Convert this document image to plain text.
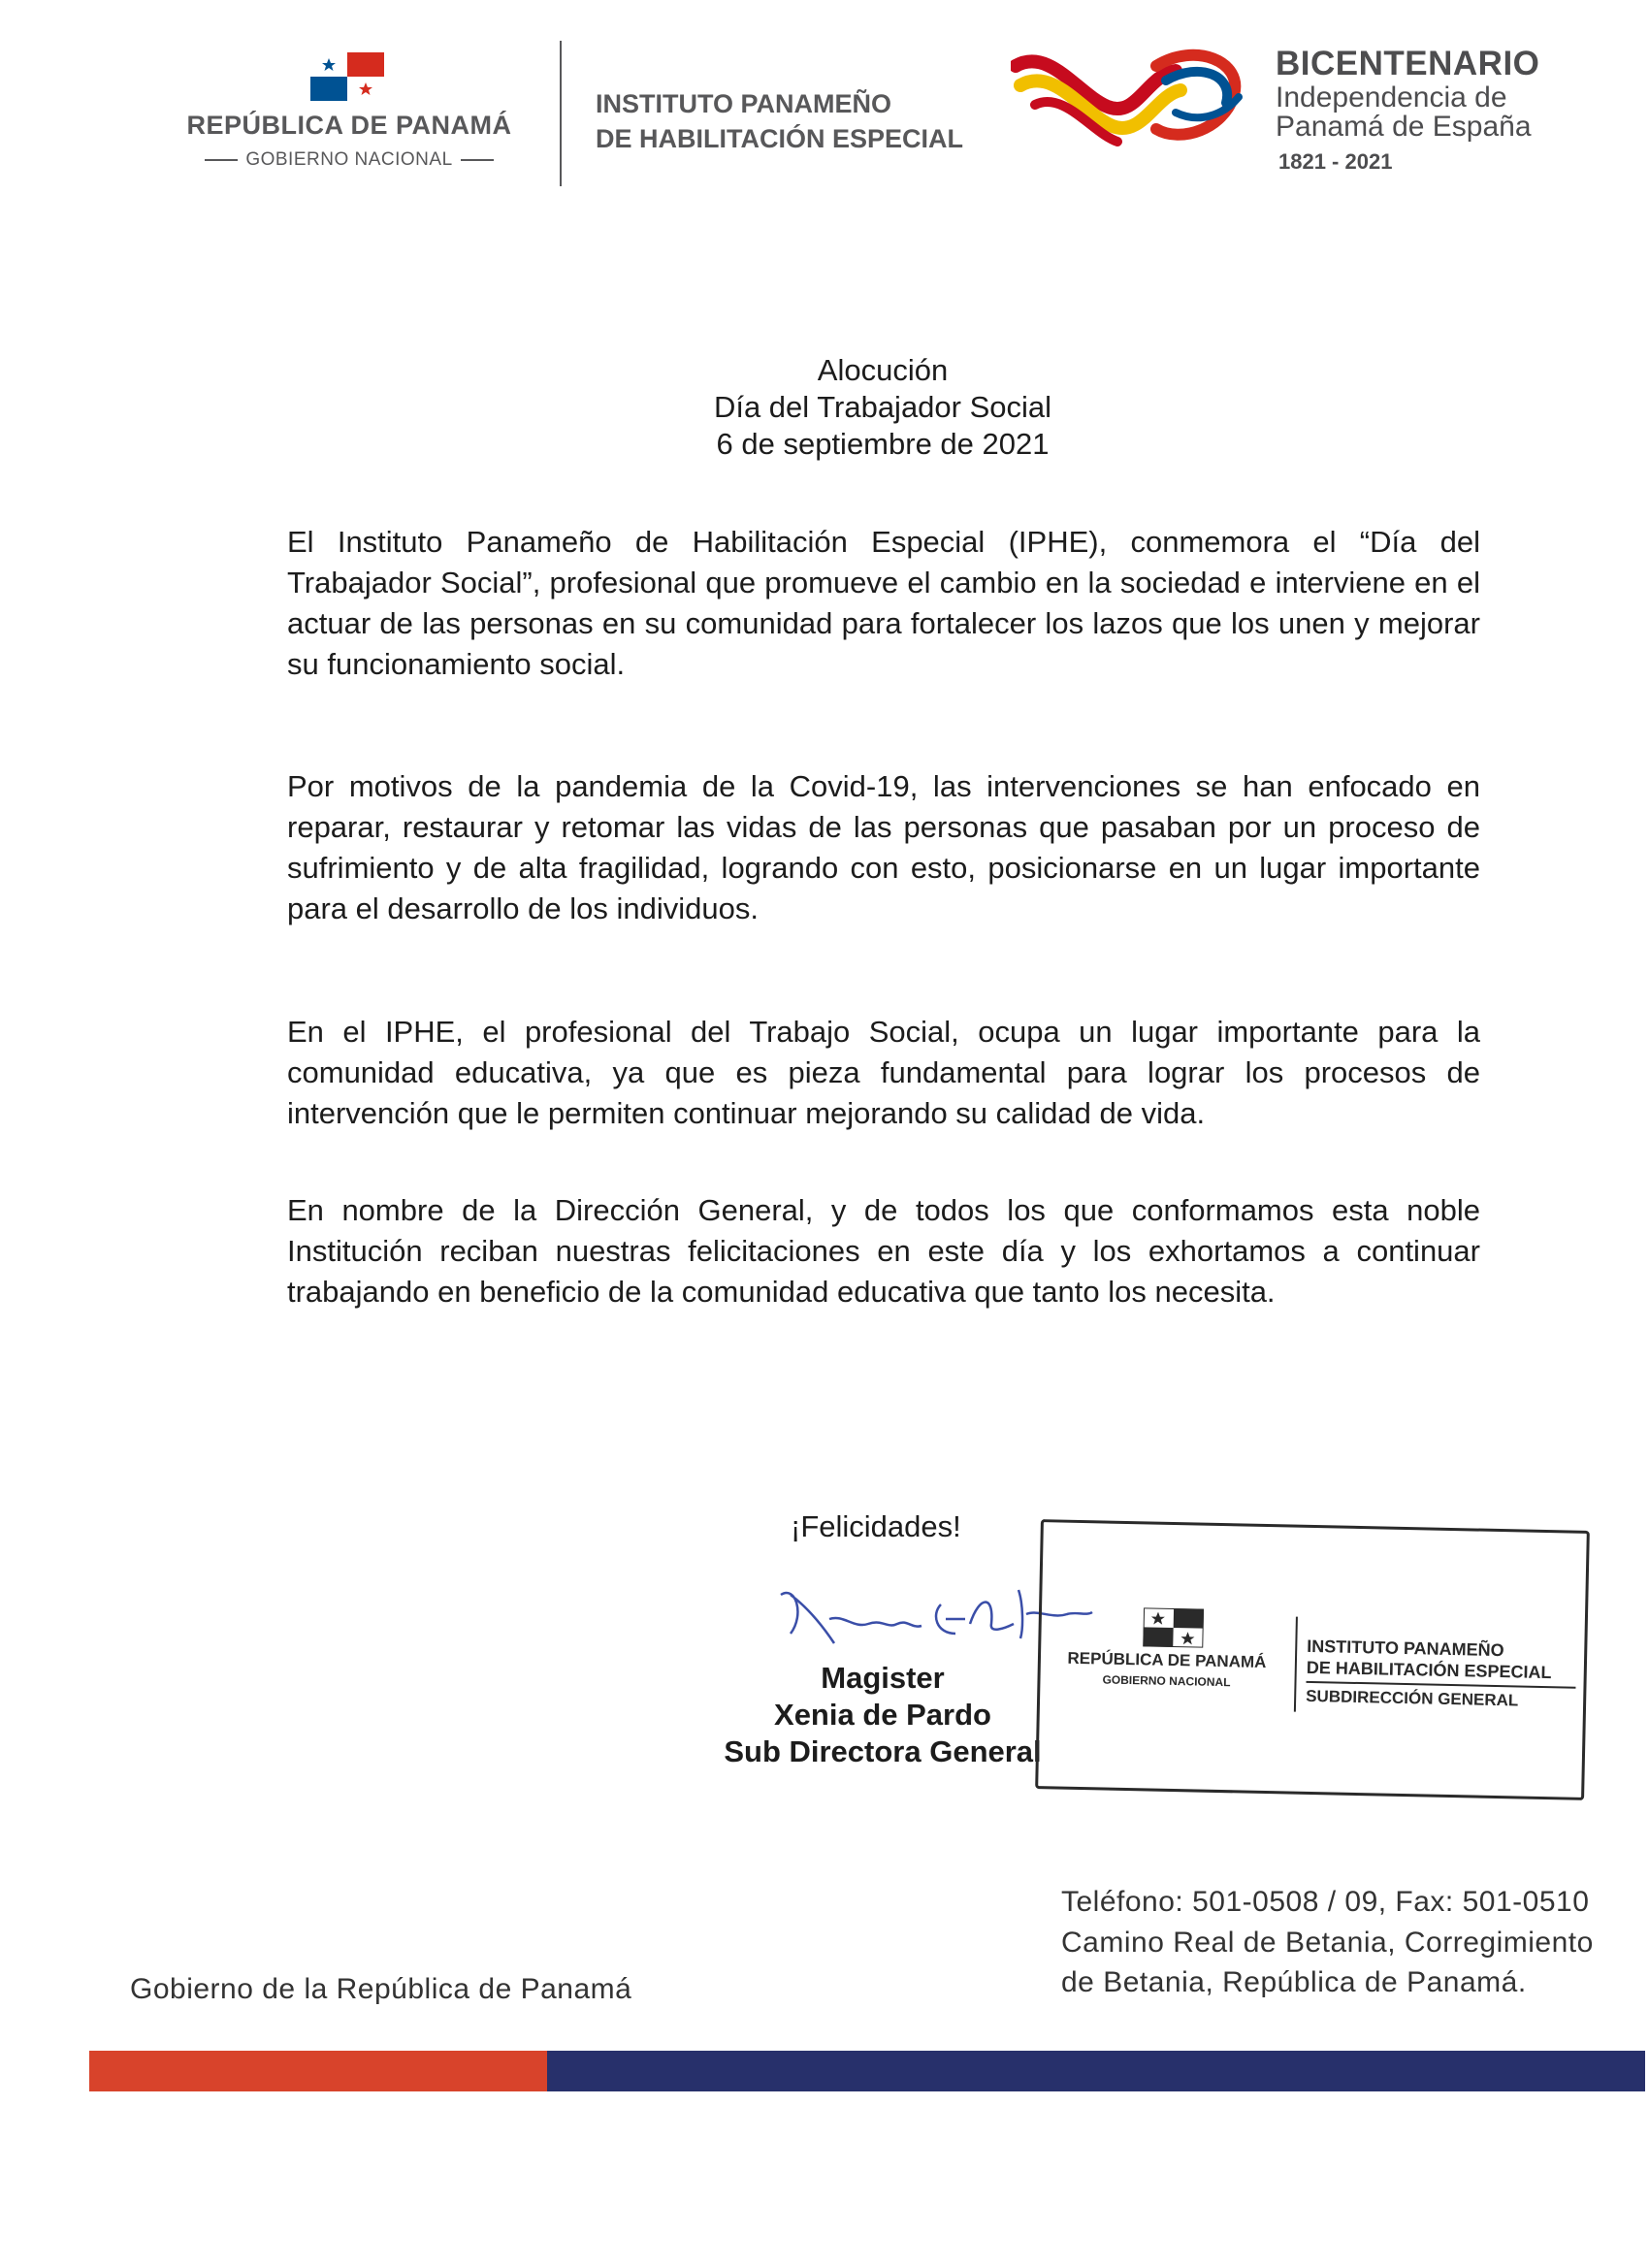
REPÚBLICA DE PANAMÁ
GOBIERNO NACIONAL
INSTITUTO PANAMEÑO
DE HABILITACIÓN ESPECIAL
BICENTENARIO
Independencia de
Panamá de España
1821 - 2021
Alocución
Día del Trabajador Social
6 de septiembre de 2021

El Instituto Panameño de Habilitación Especial (IPHE), conmemora el “Día del Trabajador Social”, profesional que promueve el cambio en la sociedad e interviene en el actuar de las personas en su comunidad para fortalecer los lazos que los unen y mejorar su funcionamiento social.

Por motivos de la pandemia de la Covid-19, las intervenciones se han enfocado en reparar, restaurar y retomar las vidas de las personas que pasaban por un proceso de sufrimiento y de alta fragilidad, logrando con esto, posicionarse en un lugar importante para el desarrollo de los individuos.

En el IPHE, el profesional del Trabajo Social, ocupa un lugar importante para la comunidad educativa, ya que es pieza fundamental para lograr los procesos de intervención que le permiten continuar mejorando su calidad de vida.

En nombre de la Dirección General, y de todos los que conformamos esta noble Institución reciban nuestras felicitaciones en este día y los exhortamos a continuar trabajando en beneficio de la comunidad educativa que tanto los necesita.

¡Felicidades!
Magister
Xenia de Pardo
Sub Directora General
REPÚBLICA DE PANAMÁ
GOBIERNO NACIONAL
INSTITUTO PANAMEÑO
DE HABILITACIÓN ESPECIAL
SUBDIRECCIÓN GENERAL
Teléfono: 501-0508 / 09, Fax: 501-0510
Camino Real de Betania, Corregimiento
de Betania, República de Panamá.
Gobierno de la República de Panamá
